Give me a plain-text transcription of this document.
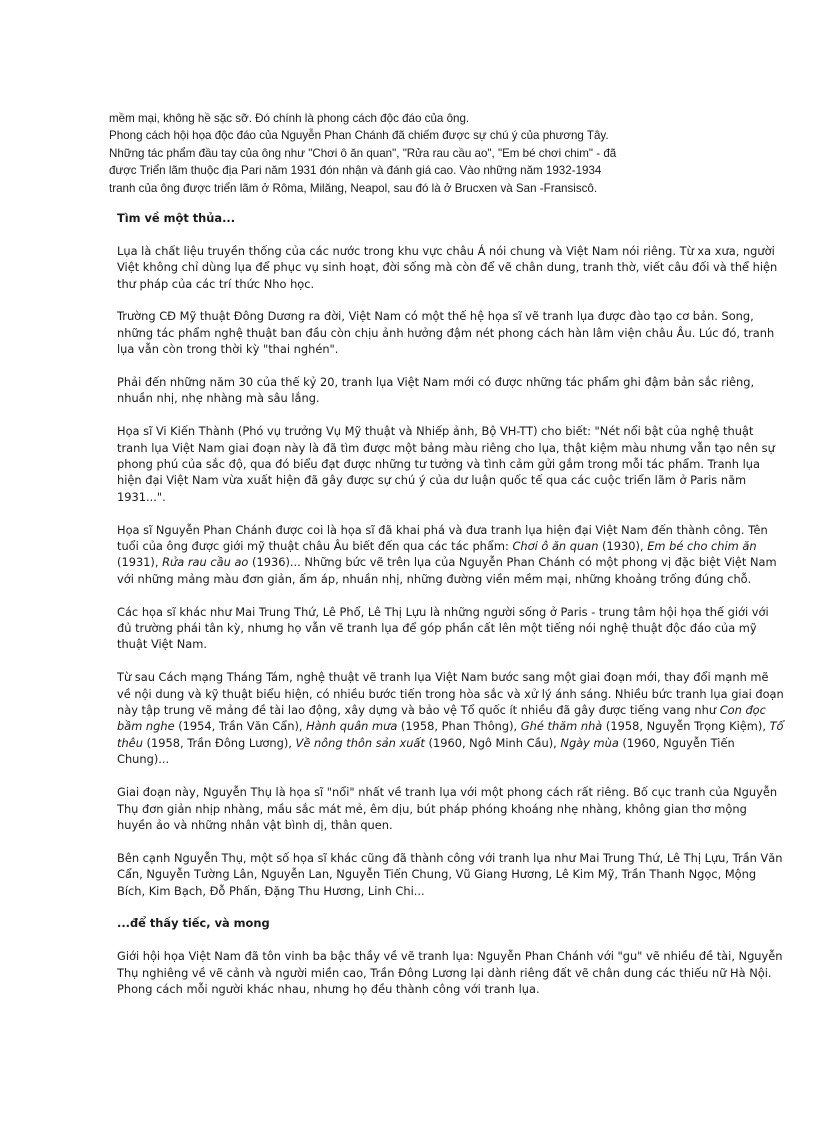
mềm mại, không hề sặc sỡ. Đó chính là phong cách độc đáo của ông.

Phong cách hội họa độc đáo của Nguyễn Phan Chánh đã chiếm được sự chú ý của phương Tây.

Những tác phẩm đầu tay của ông như "Chơi ô ăn quan", "Rửa rau cầu ao", "Em bé chơi chim" - đã

được Triển lãm thuộc địa Pari năm 1931 đón nhận và đánh giá cao. Vào những năm 1932-1934

tranh của ông được triển lãm ở Rôma, Milăng, Neapol, sau đó là ở Brucxen và San -Fransiscô.

Tìm về một thủa...

Lụa là chất liệu truyền thống của các nước trong khu vực châu Á nói chung và Việt Nam nói riêng. Từ xa xưa, người Việt không chỉ dùng lụa để phục vụ sinh hoạt, đời sống mà còn để vẽ chân dung, tranh thờ, viết câu đối và thể hiện thư pháp của các trí thức Nho học.

Trường CĐ Mỹ thuật Đông Dương ra đời, Việt Nam có một thế hệ họa sĩ vẽ tranh lụa được đào tạo cơ bản. Song, những tác phẩm nghệ thuật ban đầu còn chịu ảnh hưởng đậm nét phong cách hàn lâm viện châu Âu. Lúc đó, tranh lụa vẫn còn trong thời kỳ "thai nghén".

Phải đến những năm 30 của thế kỷ 20, tranh lụa Việt Nam mới có được những tác phẩm ghi đậm bản sắc riêng, nhuần nhị, nhẹ nhàng mà sâu lắng.

Họa sĩ Vi Kiến Thành (Phó vụ trưởng Vụ Mỹ thuật và Nhiếp ảnh, Bộ VH-TT) cho biết: "Nét nổi bật của nghệ thuật tranh lụa Việt Nam giai đoạn này là đã tìm được một bảng màu riêng cho lụa, thật kiệm màu nhưng vẫn tạo nên sự phong phú của sắc độ, qua đó biểu đạt được những tư tưởng và tình cảm gửi gắm trong mỗi tác phẩm. Tranh lụa hiện đại Việt Nam vừa xuất hiện đã gây được sự chú ý của dư luận quốc tế qua các cuộc triển lãm ở Paris năm 1931...".

Họa sĩ Nguyễn Phan Chánh được coi là họa sĩ đã khai phá và đưa tranh lụa hiện đại Việt Nam đến thành công. Tên tuổi của ông được giới mỹ thuật châu Âu biết đến qua các tác phẩm: Chơi ô ăn quan (1930), Em bé cho chim ăn (1931), Rửa rau cầu ao (1936)... Những bức vẽ trên lụa của Nguyễn Phan Chánh có một phong vị đặc biệt Việt Nam với những mảng màu đơn giản, ấm áp, nhuần nhị, những đường viền mềm mại, những khoảng trống đúng chỗ.

Các họa sĩ khác như Mai Trung Thứ, Lê Phổ, Lê Thị Lựu là những người sống ở Paris - trung tâm hội họa thế giới với đủ trường phái tân kỳ, nhưng họ vẫn vẽ tranh lụa để góp phần cất lên một tiếng nói nghệ thuật độc đáo của mỹ thuật Việt Nam.

Từ sau Cách mạng Tháng Tám, nghệ thuật vẽ tranh lụa Việt Nam bước sang một giai đoạn mới, thay đổi mạnh mẽ về nội dung và kỹ thuật biểu hiện, có nhiều bước tiến trong hòa sắc và xử lý ánh sáng. Nhiều bức tranh lụa giai đoạn này tập trung vẽ mảng đề tài lao động, xây dựng và bảo vệ Tổ quốc ít nhiều đã gây được tiếng vang như Con đọc bầm nghe (1954, Trần Văn Cẩn), Hành quân mưa (1958, Phan Thông), Ghé thăm nhà (1958, Nguyễn Trọng Kiệm), Tổ thêu (1958, Trần Đông Lương), Về nông thôn sản xuất (1960, Ngô Minh Cầu), Ngày mùa (1960, Nguyễn Tiến Chung)...

Giai đoạn này, Nguyễn Thụ là họa sĩ "nổi" nhất về tranh lụa với một phong cách rất riêng. Bố cục tranh của Nguyễn Thụ đơn giản nhịp nhàng, mầu sắc mát mẻ, êm dịu, bút pháp phóng khoáng nhẹ nhàng, không gian thơ mộng huyền ảo và những nhân vật bình dị, thân quen.

Bên cạnh Nguyễn Thụ, một số họa sĩ khác cũng đã thành công với tranh lụa như Mai Trung Thứ, Lê Thị Lựu, Trần Văn Cẩn, Nguyễn Tường Lân, Nguyễn Lan, Nguyễn Tiến Chung, Vũ Giang Hương, Lê Kim Mỹ, Trần Thanh Ngọc, Mộng Bích, Kim Bạch, Đỗ Phấn, Đặng Thu Hương, Linh Chi...

...để thấy tiếc, và mong

Giới hội họa Việt Nam đã tôn vinh ba bậc thầy về vẽ tranh lụa: Nguyễn Phan Chánh với "gu" vẽ nhiều đề tài, Nguyễn Thụ nghiêng về vẽ cảnh và người miền cao, Trần Đông Lương lại dành riêng đất vẽ chân dung các thiếu nữ Hà Nội. Phong cách mỗi người khác nhau, nhưng họ đều thành công với tranh lụa.
